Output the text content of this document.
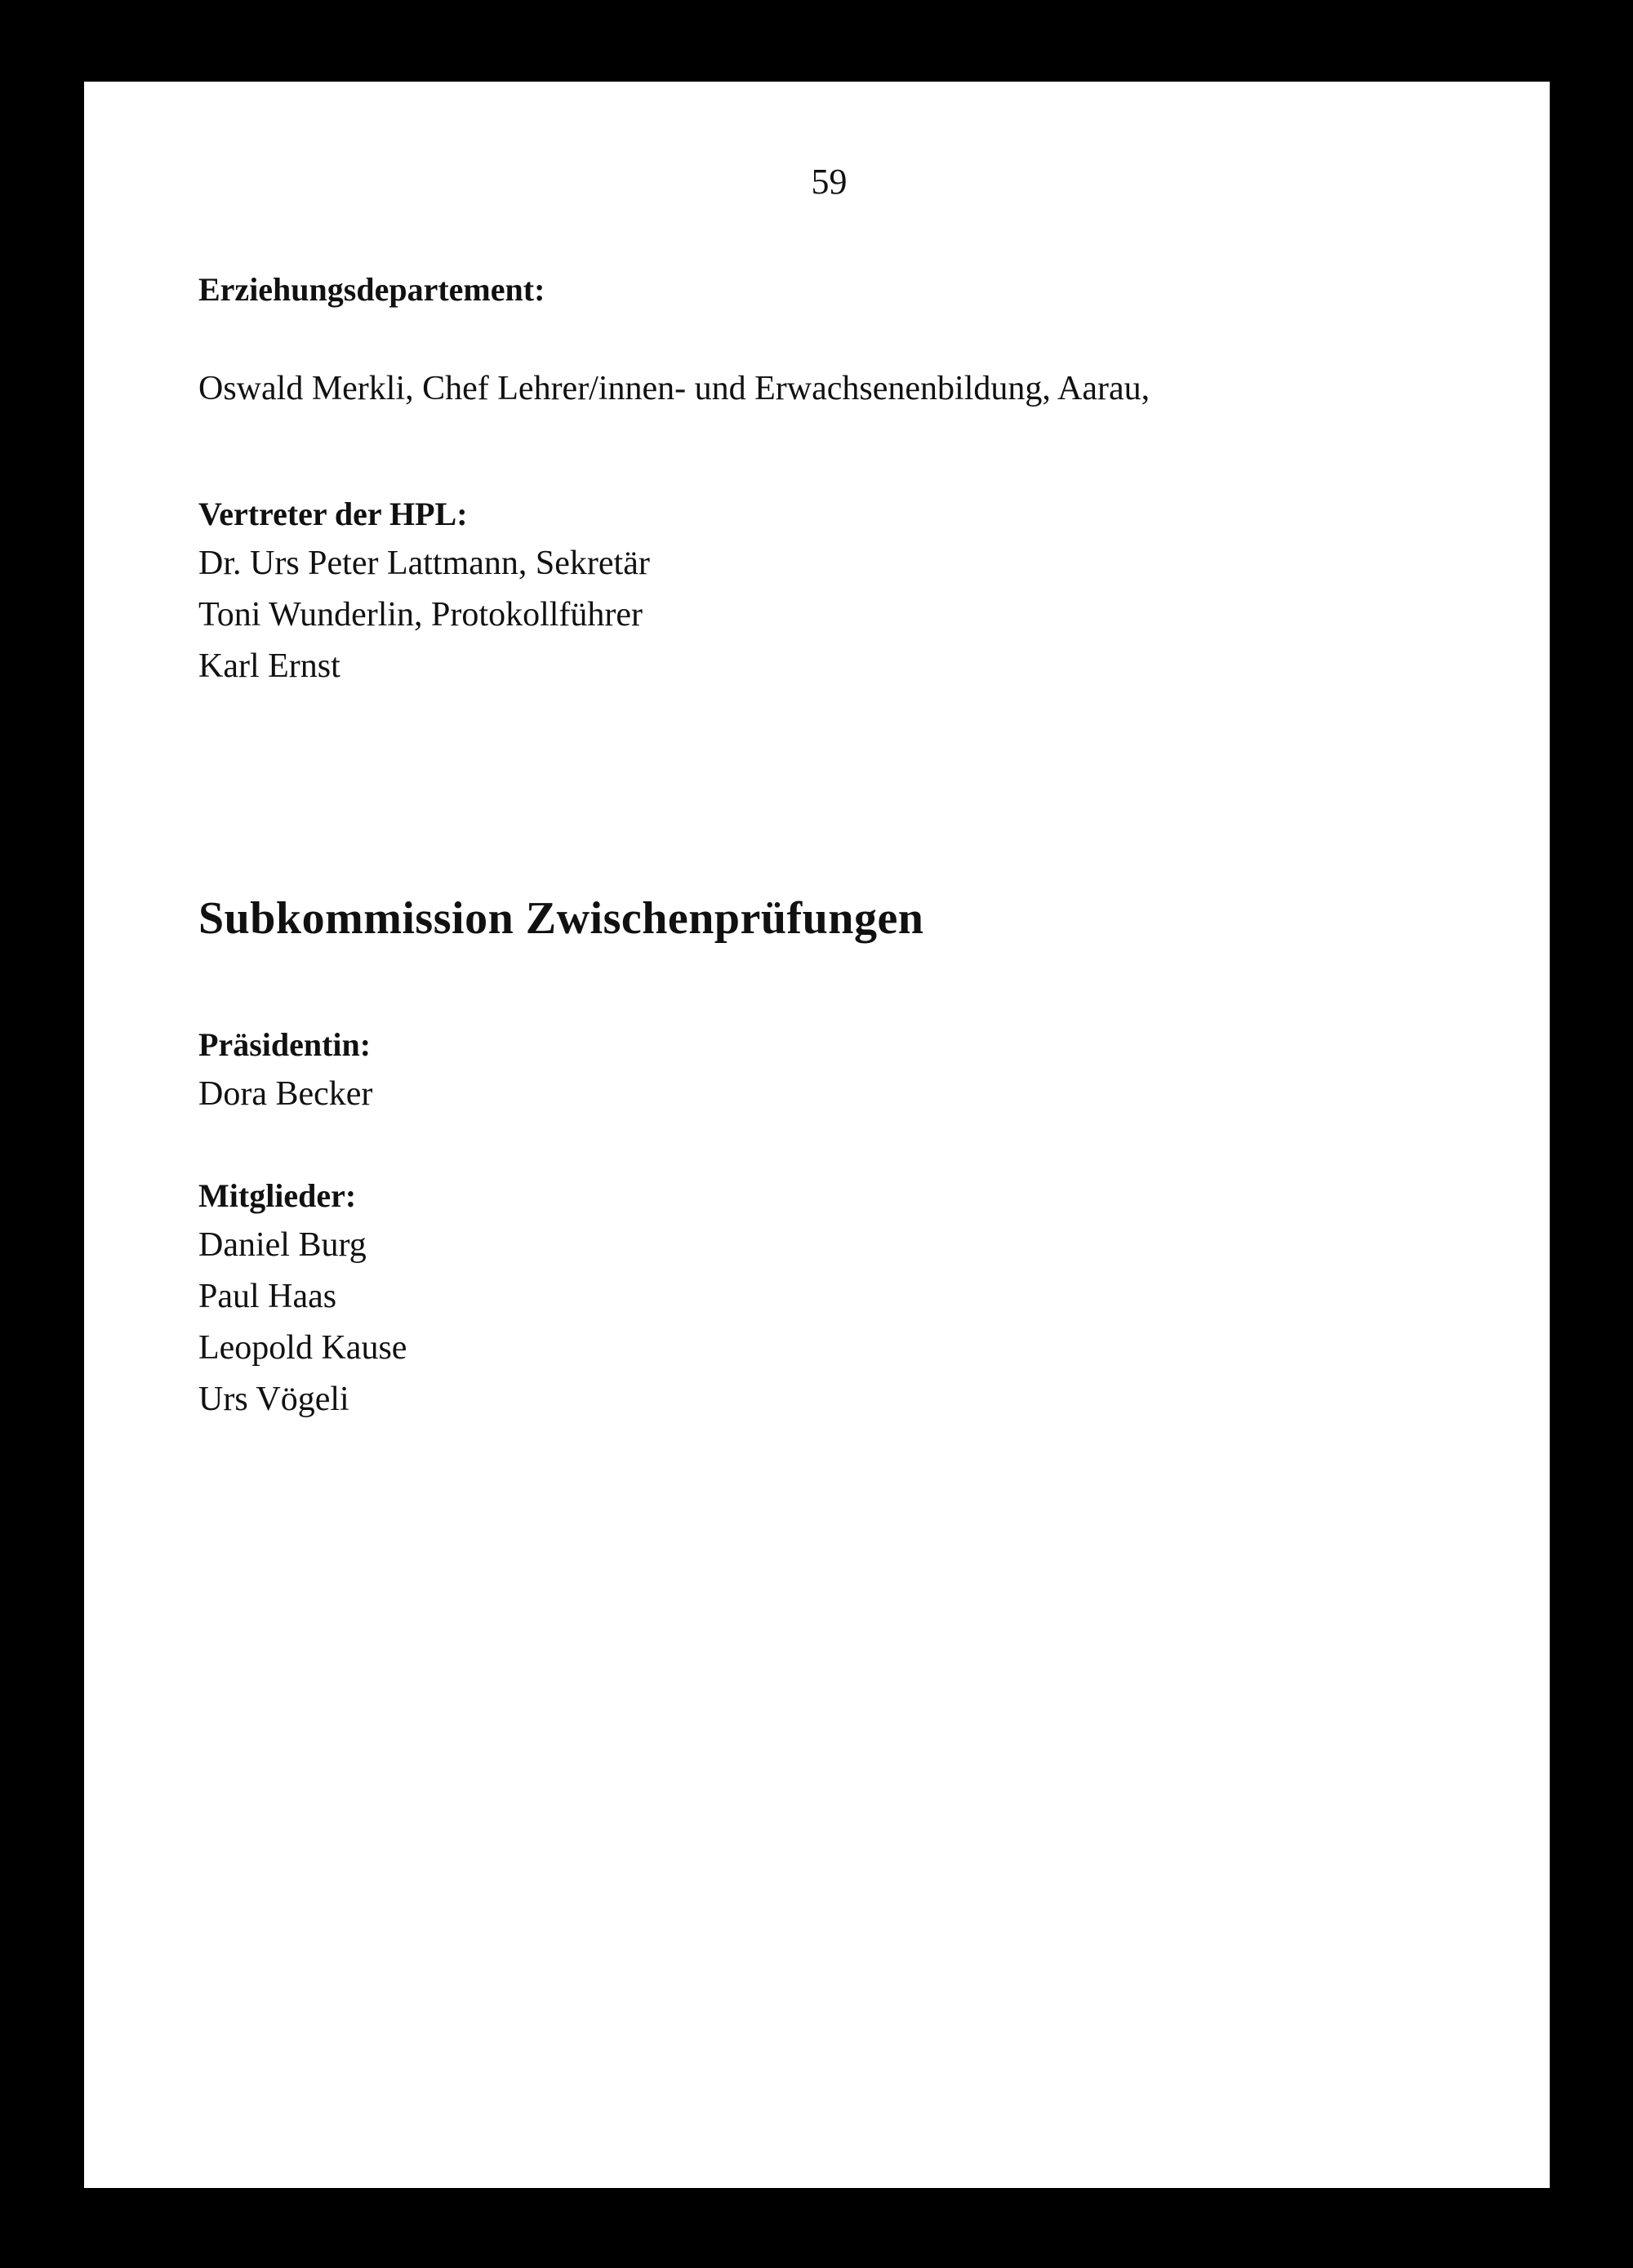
59

Erziehungsdepartement:

Oswald Merkli, Chef Lehrer/innen- und Erwachsenenbildung, Aarau,

Vertreter der HPL:

Dr. Urs Peter Lattmann, Sekretär
Toni Wunderlin, Protokollführer
Karl Ernst

Subkommission Zwischenprüfungen

Präsidentin:

Dora Becker

Mitglieder:

Daniel Burg
Paul Haas
Leopold Kause
Urs Vögeli
